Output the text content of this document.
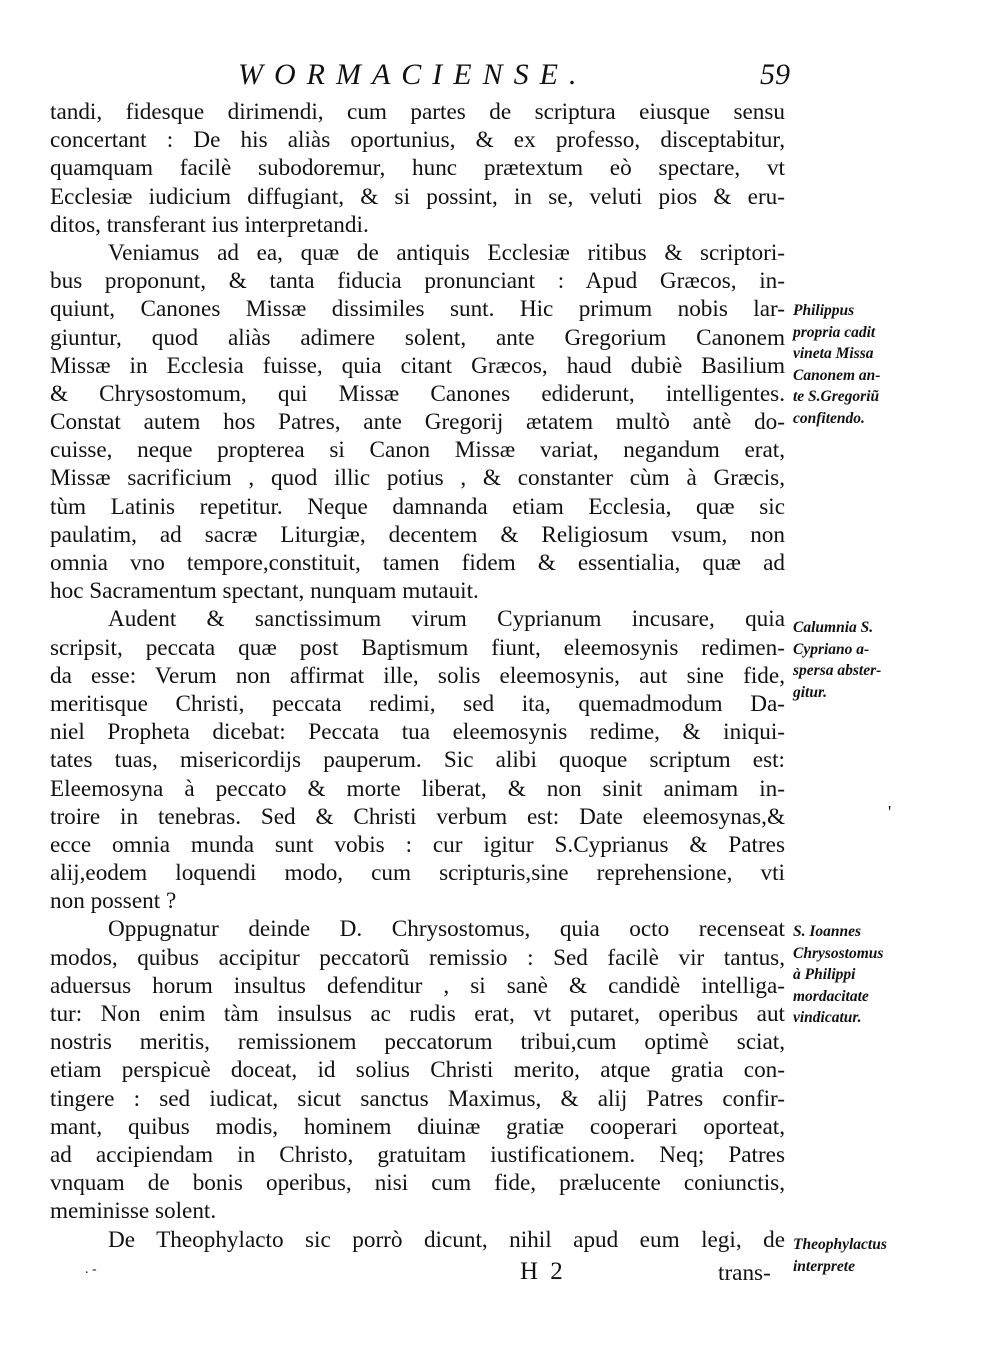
WORMACIENSE.	59
tandi, fidesque dirimendi, cum partes de scriptura eiusque sensu
concertant : De his aliàs oportunius, & ex professo, disceptabitur,
quamquam facilè subodoremur, hunc prætextum eò spectare, vt
Ecclesiæ iudicium diffugiant, & si possint, in se, veluti pios & eru-
ditos, transferant ius interpretandi.
Veniamus ad ea, quæ de antiquis Ecclesiæ ritibus & scriptori-
bus proponunt, & tanta fiducia pronunciant : Apud Græcos, in-
quiunt, Canones Missæ dissimiles sunt. Hic primum nobis lar-
giuntur, quod aliàs adimere solent, ante Gregorium Canonem
Missæ in Ecclesia fuisse, quia citant Græcos, haud dubiè Basilium
& Chrysostomum, qui Missæ Canones ediderunt, intelligentes.
Constat autem hos Patres, ante Gregorij ætatem multò antè do-
cuisse, neque propterea si Canon Missæ variat, negandum erat,
Missæ sacrificium , quod illic potius , & constanter cùm à Græcis,
tùm Latinis repetitur. Neque damnanda etiam Ecclesia, quæ sic
paulatim, ad sacræ Liturgiæ, decentem & Religiosum vsum, non
omnia vno tempore,constituit, tamen fidem & essentialia, quæ ad
hoc Sacramentum spectant, nunquam mutauit.
Audent & sanctissimum virum Cyprianum incusare, quia
scripsit, peccata quæ post Baptismum fiunt, eleemosynis redimen-
da esse: Verum non affirmat ille, solis eleemosynis, aut sine fide,
meritisque Christi, peccata redimi, sed ita, quemadmodum Da-
niel Propheta dicebat: Peccata tua eleemosynis redime, & iniqui-
tates tuas, misericordijs pauperum. Sic alibi quoque scriptum est:
Eleemosyna à peccato & morte liberat, & non sinit animam in-
troire in tenebras. Sed & Christi verbum est: Date eleemosynas,&
ecce omnia munda sunt vobis : cur igitur S.Cyprianus & Patres
alij,eodem loquendi modo, cum scripturis,sine reprehensione, vti
non possent ?
Oppugnatur deinde D. Chrysostomus, quia octo recenseat
modos, quibus accipitur peccatorũ remissio : Sed facilè vir tantus,
aduersus horum insultus defenditur , si sanè & candidè intelliga-
tur: Non enim tàm insulsus ac rudis erat, vt putaret, operibus aut
nostris meritis, remissionem peccatorum tribui,cum optimè sciat,
etiam perspicuè doceat, id solius Christi merito, atque gratia con-
tingere : sed iudicat, sicut sanctus Maximus, & alij Patres confir-
mant, quibus modis, hominem diuinæ gratiæ cooperari oporteat,
ad accipiendam in Christo, gratuitam iustificationem. Neq; Patres
vnquam de bonis operibus, nisi cum fide, prælucente coniunctis,
meminisse solent.
De Theophylacto sic porrò dicunt, nihil apud eum legi, de
Philippus
propria cadit
vineta Missa
Canonem an-
te S.Gregoriũ
confitendo.
Calumnia S.
Cypriano a-
spersa abster-
gitur.
'
S. Ioannes
Chrysostomus
à Philippi
mordacitate
vindicatur.
Theophylactus
interprete
. -	H 2	trans-
